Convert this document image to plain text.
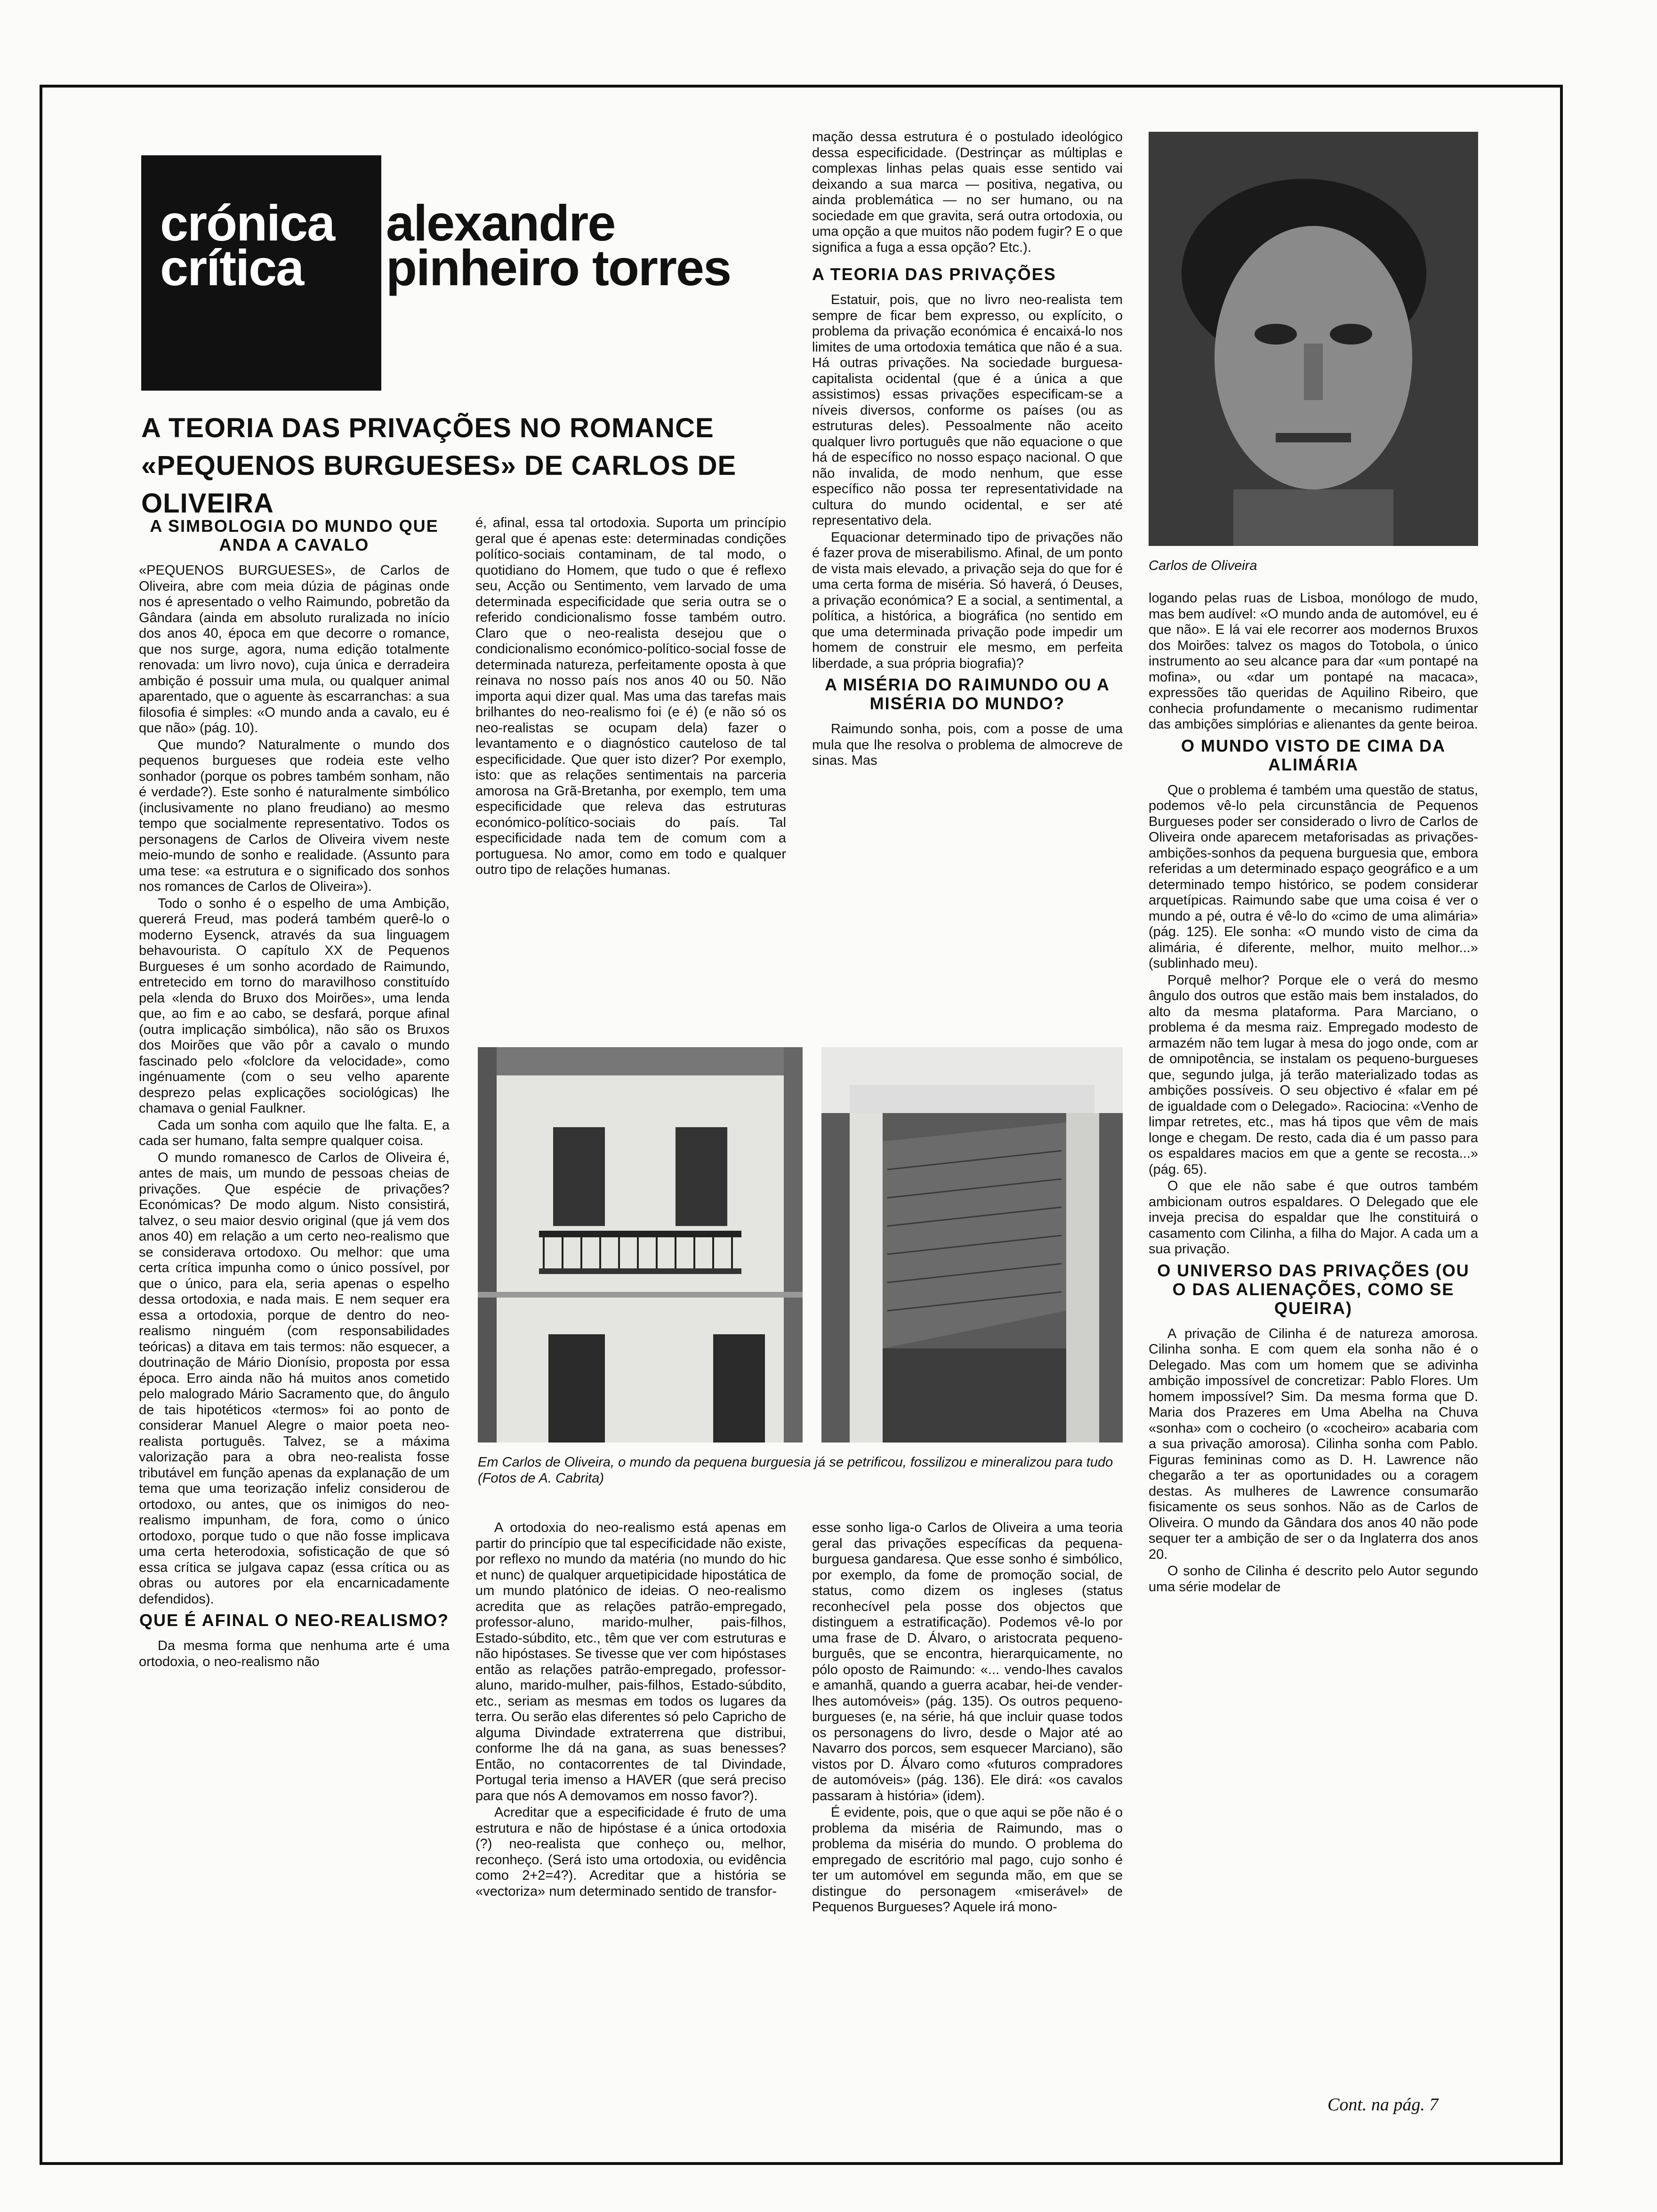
crónica
crítica
alexandre
pinheiro torres
A TEORIA DAS PRIVAÇÕES NO ROMANCE
«PEQUENOS BURGUESES» DE CARLOS DE OLIVEIRA
A SIMBOLOGIA DO MUNDO QUE ANDA A CAVALO

«PEQUENOS BURGUESES», de Carlos de Oliveira, abre com meia dúzia de páginas onde nos é apresentado o velho Raimundo, pobretão da Gândara (ainda em absoluto ruralizada no início dos anos 40, época em que decorre o romance, que nos surge, agora, numa edição totalmente renovada: um livro novo), cuja única e derradeira ambição é possuir uma mula, ou qualquer animal aparentado, que o aguente às escarranchas: a sua filosofia é simples: «O mundo anda a cavalo, eu é que não» (pág. 10).

Que mundo? Naturalmente o mundo dos pequenos burgueses que rodeia este velho sonhador (porque os pobres também sonham, não é verdade?). Este sonho é naturalmente simbólico (inclusivamente no plano freudiano) ao mesmo tempo que socialmente representativo. Todos os personagens de Carlos de Oliveira vivem neste meio-mundo de sonho e realidade. (Assunto para uma tese: «a estrutura e o significado dos sonhos nos romances de Carlos de Oliveira»).

Todo o sonho é o espelho de uma Ambição, quererá Freud, mas poderá também querê-lo o moderno Eysenck, através da sua linguagem behavourista. O capítulo XX de Pequenos Burgueses é um sonho acordado de Raimundo, entretecido em torno do maravilhoso constituído pela «lenda do Bruxo dos Moirões», uma lenda que, ao fim e ao cabo, se desfará, porque afinal (outra implicação simbólica), não são os Bruxos dos Moirões que vão pôr a cavalo o mundo fascinado pelo «folclore da velocidade», como ingénuamente (com o seu velho aparente desprezo pelas explicações sociológicas) lhe chamava o genial Faulkner.

Cada um sonha com aquilo que lhe falta. E, a cada ser humano, falta sempre qualquer coisa.

O mundo romanesco de Carlos de Oliveira é, antes de mais, um mundo de pessoas cheias de privações. Que espécie de privações? Económicas? De modo algum. Nisto consistirá, talvez, o seu maior desvio original (que já vem dos anos 40) em relação a um certo neo-realismo que se considerava ortodoxo. Ou melhor: que uma certa crítica impunha como o único possível, por que o único, para ela, seria apenas o espelho dessa ortodoxia, e nada mais. E nem sequer era essa a ortodoxia, porque de dentro do neo-realismo ninguém (com responsabilidades teóricas) a ditava em tais termos: não esquecer, a doutrinação de Mário Dionísio, proposta por essa época. Erro ainda não há muitos anos cometido pelo malogrado Mário Sacramento que, do ângulo de tais hipotéticos «termos» foi ao ponto de considerar Manuel Alegre o maior poeta neo-realista português. Talvez, se a máxima valorização para a obra neo-realista fosse tributável em função apenas da explanação de um tema que uma teorização infeliz considerou de ortodoxo, ou antes, que os inimigos do neo-realismo impunham, de fora, como o único ortodoxo, porque tudo o que não fosse implicava uma certa heterodoxia, sofisticação de que só essa crítica se julgava capaz (essa crítica ou as obras ou autores por ela encarnicadamente defendidos).

QUE É AFINAL O NEO-REALISMO?

Da mesma forma que nenhuma arte é uma ortodoxia, o neo-realismo não

é, afinal, essa tal ortodoxia. Suporta um princípio geral que é apenas este: determinadas condições político-sociais contaminam, de tal modo, o quotidiano do Homem, que tudo o que é reflexo seu, Acção ou Sentimento, vem larvado de uma determinada especificidade que seria outra se o referido condicionalismo fosse também outro. Claro que o neo-realista desejou que o condicionalismo económico-político-social fosse de determinada natureza, perfeitamente oposta à que reinava no nosso país nos anos 40 ou 50. Não importa aqui dizer qual. Mas uma das tarefas mais brilhantes do neo-realismo foi (e é) (e não só os neo-realistas se ocupam dela) fazer o levantamento e o diagnóstico cauteloso de tal especificidade. Que quer isto dizer? Por exemplo, isto: que as relações sentimentais na parceria amorosa na Grã-Bretanha, por exemplo, tem uma especificidade que releva das estruturas económico-político-sociais do país. Tal especificidade nada tem de comum com a portuguesa. No amor, como em todo e qualquer outro tipo de relações humanas.

mação dessa estrutura é o postulado ideológico dessa especificidade. (Destrinçar as múltiplas e complexas linhas pelas quais esse sentido vai deixando a sua marca — positiva, negativa, ou ainda problemática — no ser humano, ou na sociedade em que gravita, será outra ortodoxia, ou uma opção a que muitos não podem fugir? E o que significa a fuga a essa opção? Etc.).

A TEORIA DAS PRIVAÇÕES

Estatuir, pois, que no livro neo-realista tem sempre de ficar bem expresso, ou explícito, o problema da privação económica é encaixá-lo nos limites de uma ortodoxia temática que não é a sua. Há outras privações. Na sociedade burguesa-capitalista ocidental (que é a única a que assistimos) essas privações especificam-se a níveis diversos, conforme os países (ou as estruturas deles). Pessoalmente não aceito qualquer livro português que não equacione o que há de específico no nosso espaço nacional. O que não invalida, de modo nenhum, que esse específico não possa ter representatividade na cultura do mundo ocidental, e ser até representativo dela.

Equacionar determinado tipo de privações não é fazer prova de miserabilismo. Afinal, de um ponto de vista mais elevado, a privação seja do que for é uma certa forma de miséria. Só haverá, ó Deuses, a privação económica? E a social, a sentimental, a política, a histórica, a biográfica (no sentido em que uma determinada privação pode impedir um homem de construir ele mesmo, em perfeita liberdade, a sua própria biografia)?

A MISÉRIA DO RAIMUNDO OU A MISÉRIA DO MUNDO?

Raimundo sonha, pois, com a posse de uma mula que lhe resolva o problema de almocreve de sinas. Mas

Carlos de Oliveira

logando pelas ruas de Lisboa, monólogo de mudo, mas bem audível: «O mundo anda de automóvel, eu é que não». E lá vai ele recorrer aos modernos Bruxos dos Moirões: talvez os magos do Totobola, o único instrumento ao seu alcance para dar «um pontapé na mofina», ou «dar um pontapé na macaca», expressões tão queridas de Aquilino Ribeiro, que conhecia profundamente o mecanismo rudimentar das ambições simplórias e alienantes da gente beiroa.

O MUNDO VISTO DE CIMA DA ALIMÁRIA

Que o problema é também uma questão de status, podemos vê-lo pela circunstância de Pequenos Burgueses poder ser considerado o livro de Carlos de Oliveira onde aparecem metaforisadas as privações-ambições-sonhos da pequena burguesia que, embora referidas a um determinado espaço geográfico e a um determinado tempo histórico, se podem considerar arquetípicas. Raimundo sabe que uma coisa é ver o mundo a pé, outra é vê-lo do «cimo de uma alimária» (pág. 125). Ele sonha: «O mundo visto de cima da alimária, é diferente, melhor, muito melhor...» (sublinhado meu).

Porquê melhor? Porque ele o verá do mesmo ângulo dos outros que estão mais bem instalados, do alto da mesma plataforma. Para Marciano, o problema é da mesma raiz. Empregado modesto de armazém não tem lugar à mesa do jogo onde, com ar de omnipotência, se instalam os pequeno-burgueses que, segundo julga, já terão materializado todas as ambições possíveis. O seu objectivo é «falar em pé de igualdade com o Delegado». Raciocina: «Venho de limpar retretes, etc., mas há tipos que vêm de mais longe e chegam. De resto, cada dia é um passo para os espaldares macios em que a gente se recosta...» (pág. 65).

O que ele não sabe é que outros também ambicionam outros espaldares. O Delegado que ele inveja precisa do espaldar que lhe constituirá o casamento com Cilinha, a filha do Major. A cada um a sua privação.

O UNIVERSO DAS PRIVAÇÕES (OU O DAS ALIENAÇÕES, COMO SE QUEIRA)

A privação de Cilinha é de natureza amorosa. Cilinha sonha. E com quem ela sonha não é o Delegado. Mas com um homem que se adivinha ambição impossível de concretizar: Pablo Flores. Um homem impossível? Sim. Da mesma forma que D. Maria dos Prazeres em Uma Abelha na Chuva «sonha» com o cocheiro (o «cocheiro» acabaria com a sua privação amorosa). Cilinha sonha com Pablo. Figuras femininas como as D. H. Lawrence não chegarão a ter as oportunidades ou a coragem destas. As mulheres de Lawrence consumarão fisicamente os seus sonhos. Não as de Carlos de Oliveira. O mundo da Gândara dos anos 40 não pode sequer ter a ambição de ser o da Inglaterra dos anos 20.

O sonho de Cilinha é descrito pelo Autor segundo uma série modelar de

Em Carlos de Oliveira, o mundo da pequena burguesia já se petrificou, fossilizou e mineralizou para tudo (Fotos de A. Cabrita)

A ortodoxia do neo-realismo está apenas em partir do princípio que tal especificidade não existe, por reflexo no mundo da matéria (no mundo do hic et nunc) de qualquer arquetipicidade hipostática de um mundo platónico de ideias. O neo-realismo acredita que as relações patrão-empregado, professor-aluno, marido-mulher, pais-filhos, Estado-súbdito, etc., têm que ver com estruturas e não hipóstases. Se tivesse que ver com hipóstases então as relações patrão-empregado, professor-aluno, marido-mulher, pais-filhos, Estado-súbdito, etc., seriam as mesmas em todos os lugares da terra. Ou serão elas diferentes só pelo Capricho de alguma Divindade extraterrena que distribui, conforme lhe dá na gana, as suas benesses? Então, no contacorrentes de tal Divindade, Portugal teria imenso a HAVER (que será preciso para que nós A demovamos em nosso favor?).

Acreditar que a especificidade é fruto de uma estrutura e não de hipóstase é a única ortodoxia (?) neo-realista que conheço ou, melhor, reconheço. (Será isto uma ortodoxia, ou evidência como 2+2=4?). Acreditar que a história se «vectoriza» num determinado sentido de transfor-

esse sonho liga-o Carlos de Oliveira a uma teoria geral das privações específicas da pequena-burguesa gandaresa. Que esse sonho é simbólico, por exemplo, da fome de promoção social, de status, como dizem os ingleses (status reconhecível pela posse dos objectos que distinguem a estratificação). Podemos vê-lo por uma frase de D. Álvaro, o aristocrata pequeno-burguês, que se encontra, hierarquicamente, no pólo oposto de Raimundo: «... vendo-lhes cavalos e amanhã, quando a guerra acabar, hei-de vender-lhes automóveis» (pág. 135). Os outros pequeno-burgueses (e, na série, há que incluir quase todos os personagens do livro, desde o Major até ao Navarro dos porcos, sem esquecer Marciano), são vistos por D. Álvaro como «futuros compradores de automóveis» (pág. 136). Ele dirá: «os cavalos passaram à história» (idem).

É evidente, pois, que o que aqui se põe não é o problema da miséria de Raimundo, mas o problema da miséria do mundo. O problema do empregado de escritório mal pago, cujo sonho é ter um automóvel em segunda mão, em que se distingue do personagem «miserável» de Pequenos Burgueses? Aquele irá mono-

Cont. na pág. 7
